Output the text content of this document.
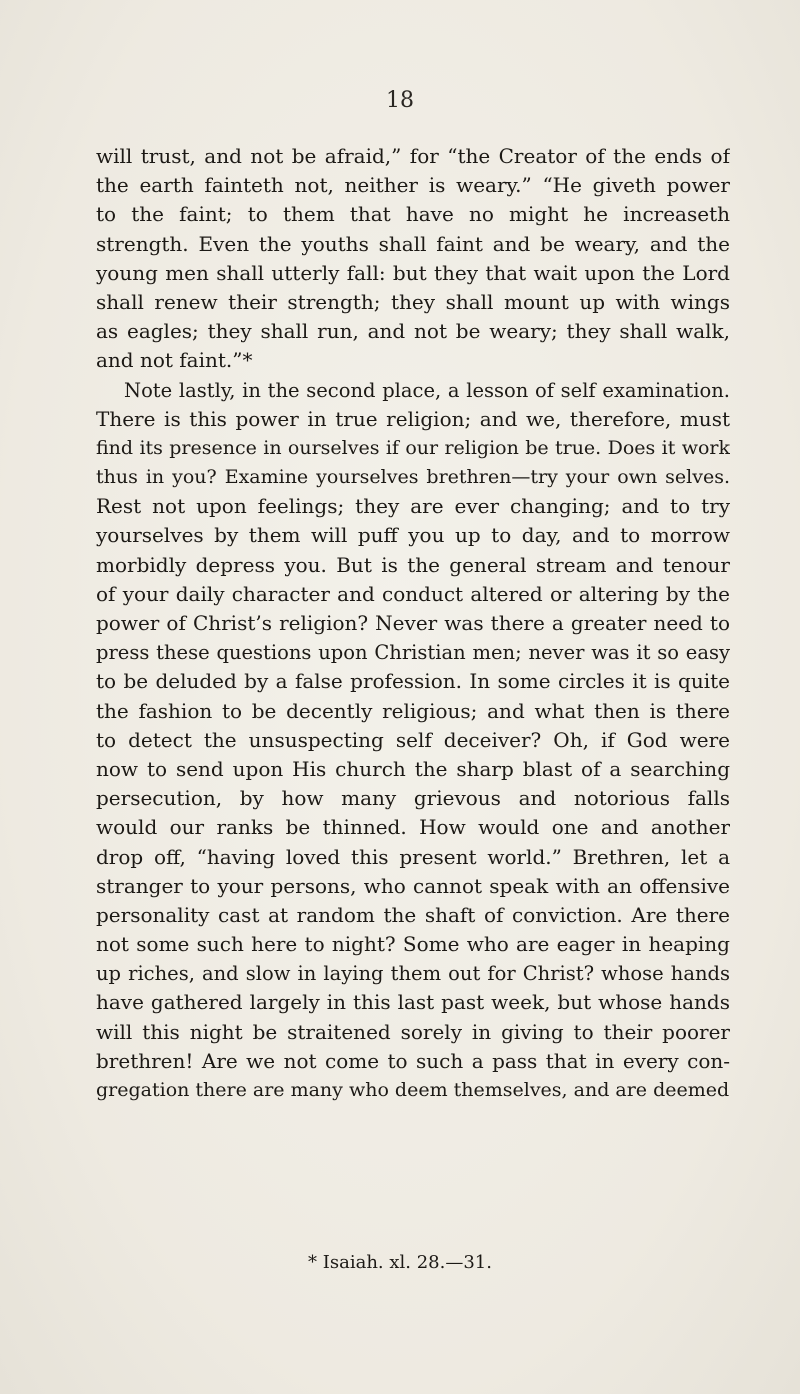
18
will trust, and not be afraid,” for “the Creator of the ends of
the earth fainteth not, neither is weary.” “He giveth power
to the faint; to them that have no might he increaseth
strength. Even the youths shall faint and be weary, and the
young men shall utterly fall: but they that wait upon the Lord
shall renew their strength; they shall mount up with wings
as eagles; they shall run, and not be weary; they shall walk,
and not faint.”*
Note lastly, in the second place, a lesson of self examination.
There is this power in true religion; and we, therefore, must
find its presence in ourselves if our religion be true. Does it work
thus in you? Examine yourselves brethren—try your own selves.
Rest not upon feelings; they are ever changing; and to try
yourselves by them will puff you up to day, and to morrow
morbidly depress you. But is the general stream and tenour
of your daily character and conduct altered or altering by the
power of Christ’s religion? Never was there a greater need to
press these questions upon Christian men; never was it so easy
to be deluded by a false profession. In some circles it is quite
the fashion to be decently religious; and what then is there
to detect the unsuspecting self deceiver? Oh, if God were
now to send upon His church the sharp blast of a searching
persecution, by how many grievous and notorious falls
would our ranks be thinned. How would one and another
drop off, “having loved this present world.” Brethren, let a
stranger to your persons, who cannot speak with an offensive
personality cast at random the shaft of conviction. Are there
not some such here to night? Some who are eager in heaping
up riches, and slow in laying them out for Christ? whose hands
have gathered largely in this last past week, but whose hands
will this night be straitened sorely in giving to their poorer
brethren! Are we not come to such a pass that in every con-
gregation there are many who deem themselves, and are deemed
* Isaiah. xl. 28.—31.
